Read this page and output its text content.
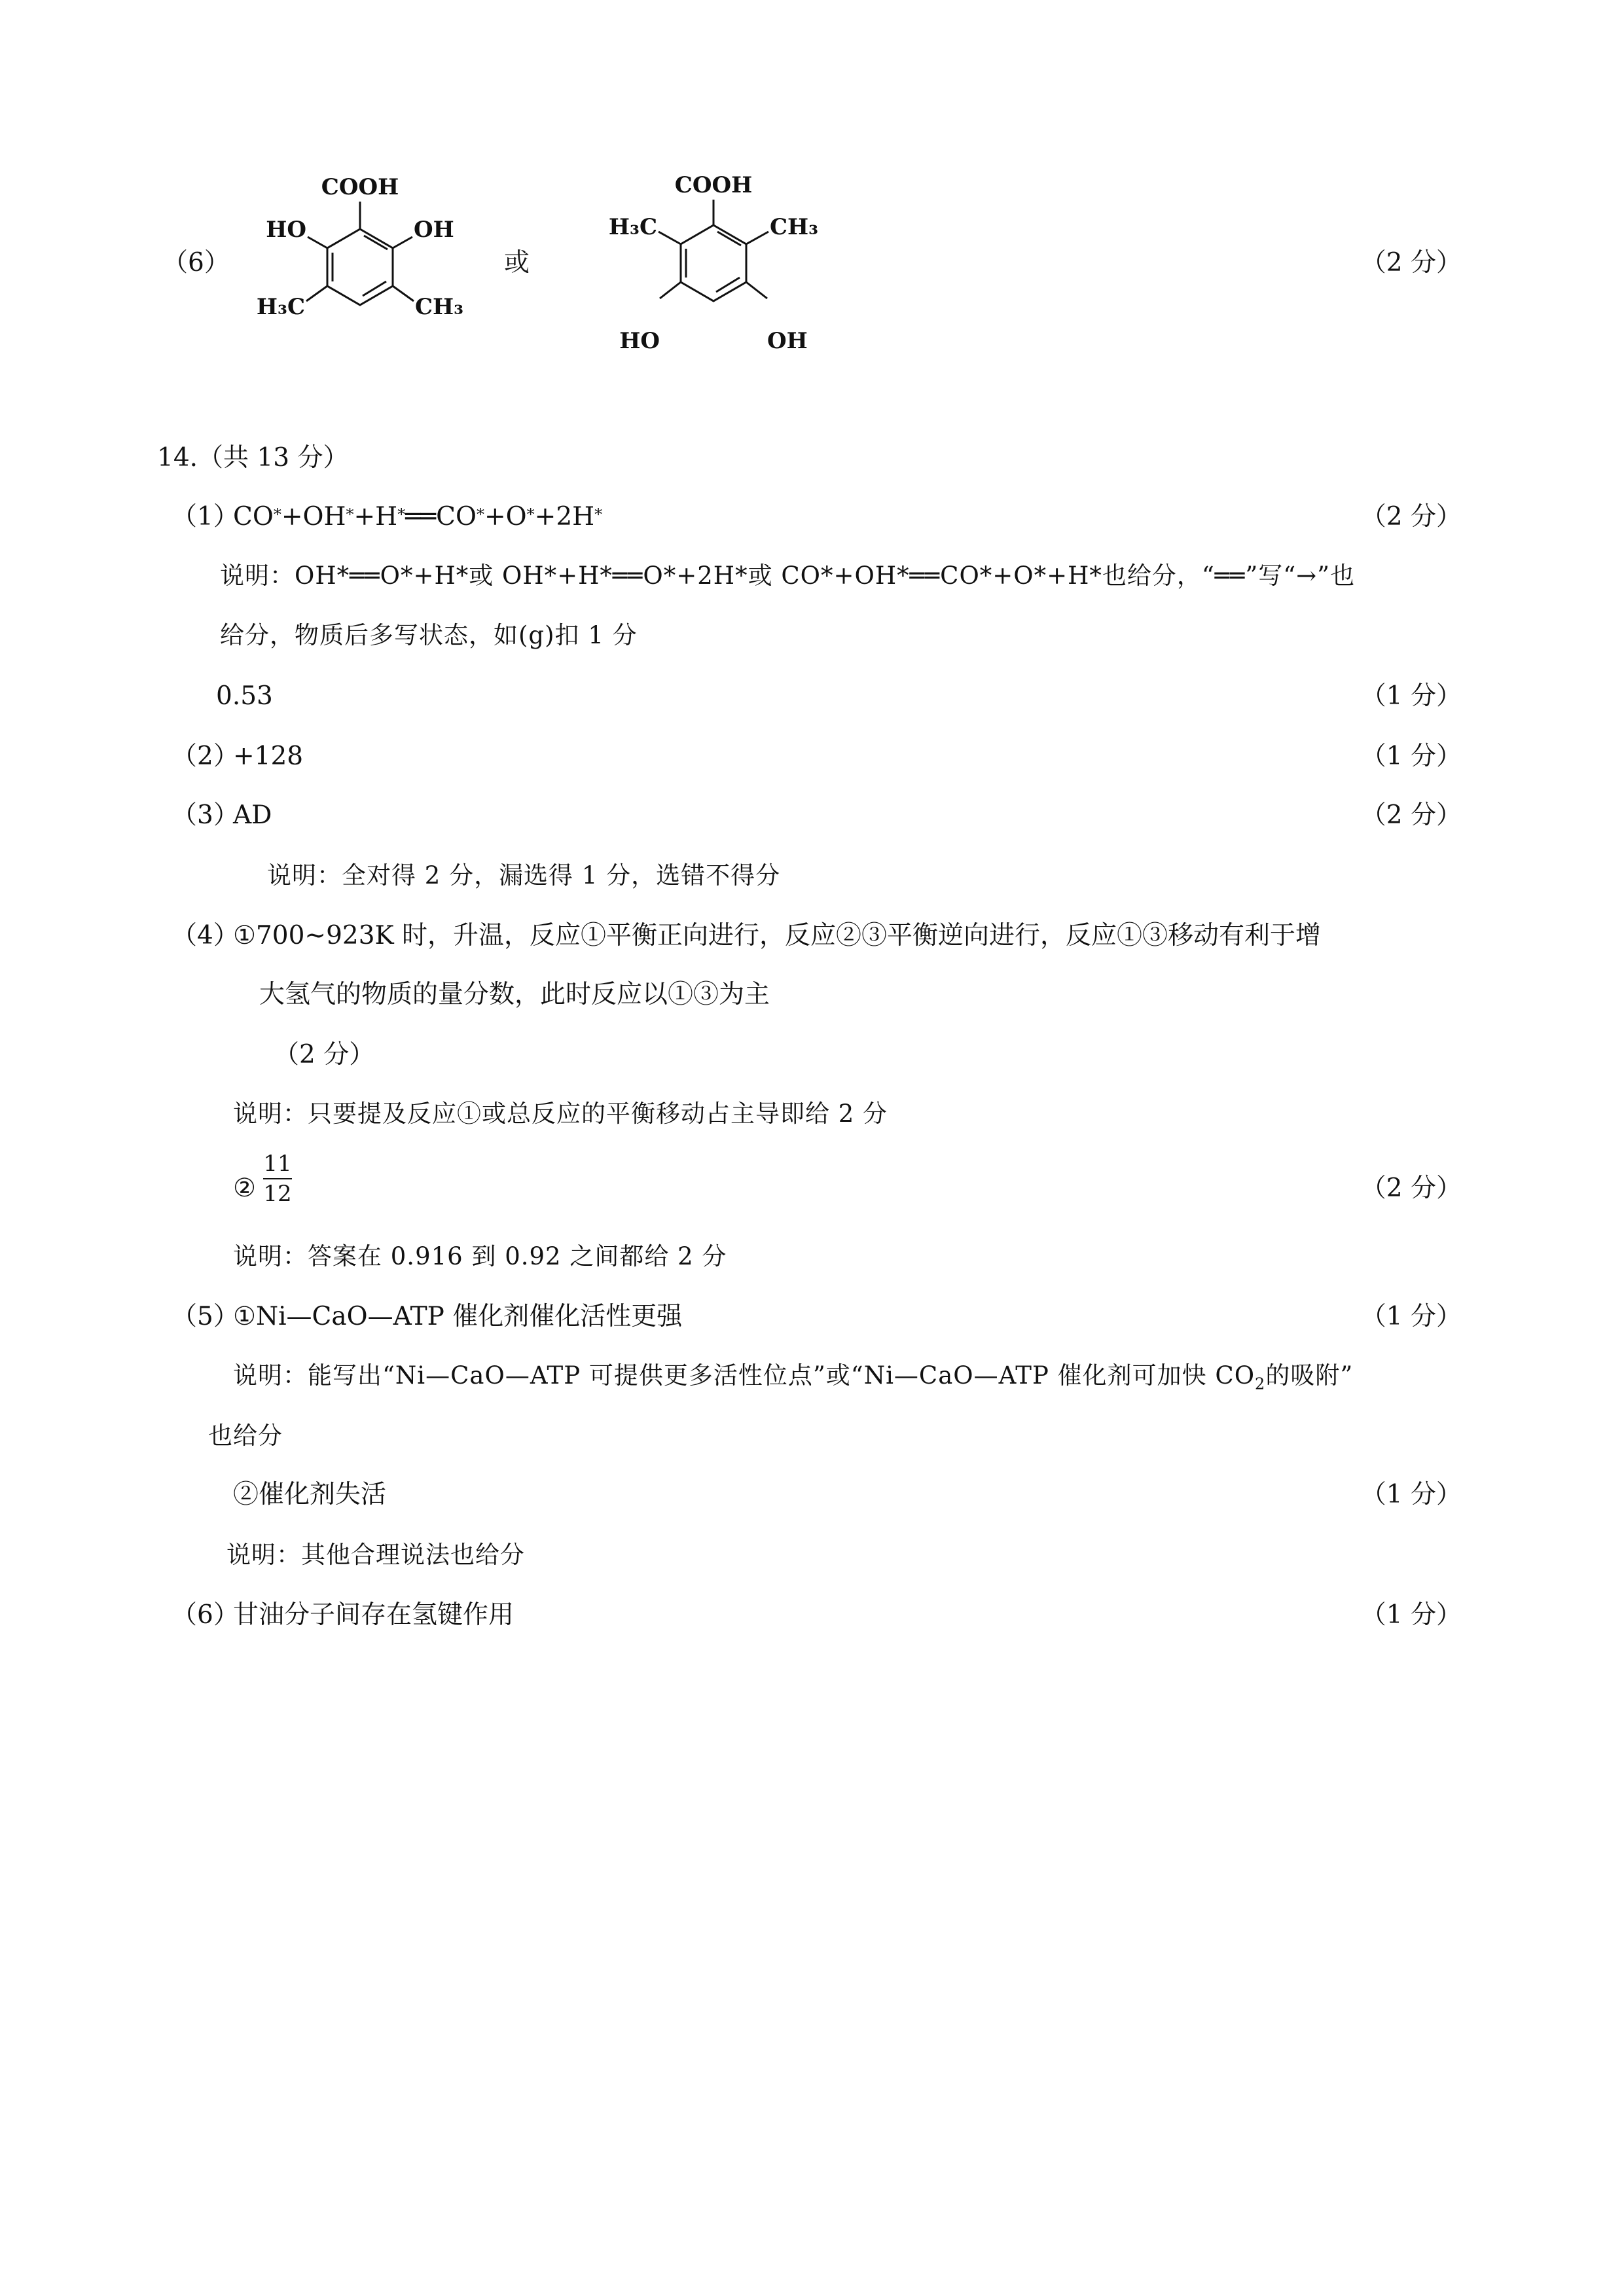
（6）
COOH
HO	OH
H₃C	CH₃
或
COOH
H₃C	CH₃
HO	OH
（2 分）
14.（共 13 分）
（1）
CO*+OH*+H*══CO*+O*+2H*	（2 分）
说明：OH*══O*+H*或 OH*+H*══O*+2H*或 CO*+OH*══CO*+O*+H*也给分，“══”写“→”也
给分，物质后多写状态，如(g)扣 1 分
0.53	（1 分）
（2）
+128	（1 分）
（3）
AD	（2 分）
说明：全对得 2 分，漏选得 1 分，选错不得分
（4）
①700~923K 时，升温，反应①平衡正向进行，反应②③平衡逆向进行，反应①③移动有利于增
大氢气的物质的量分数，此时反应以①③为主
（2 分）
说明：只要提及反应①或总反应的平衡移动占主导即给 2 分
②
11
12	（2 分）
说明：答案在 0.916 到 0.92 之间都给 2 分
（5）
①Ni—CaO—ATP 催化剂催化活性更强	（1 分）
说明：能写出“Ni—CaO—ATP 可提供更多活性位点”或“Ni—CaO—ATP 催化剂可加快 $CO_2$的吸附”
也给分
②催化剂失活	（1 分）
说明：其他合理说法也给分
（6）
甘油分子间存在氢键作用	（1 分）
